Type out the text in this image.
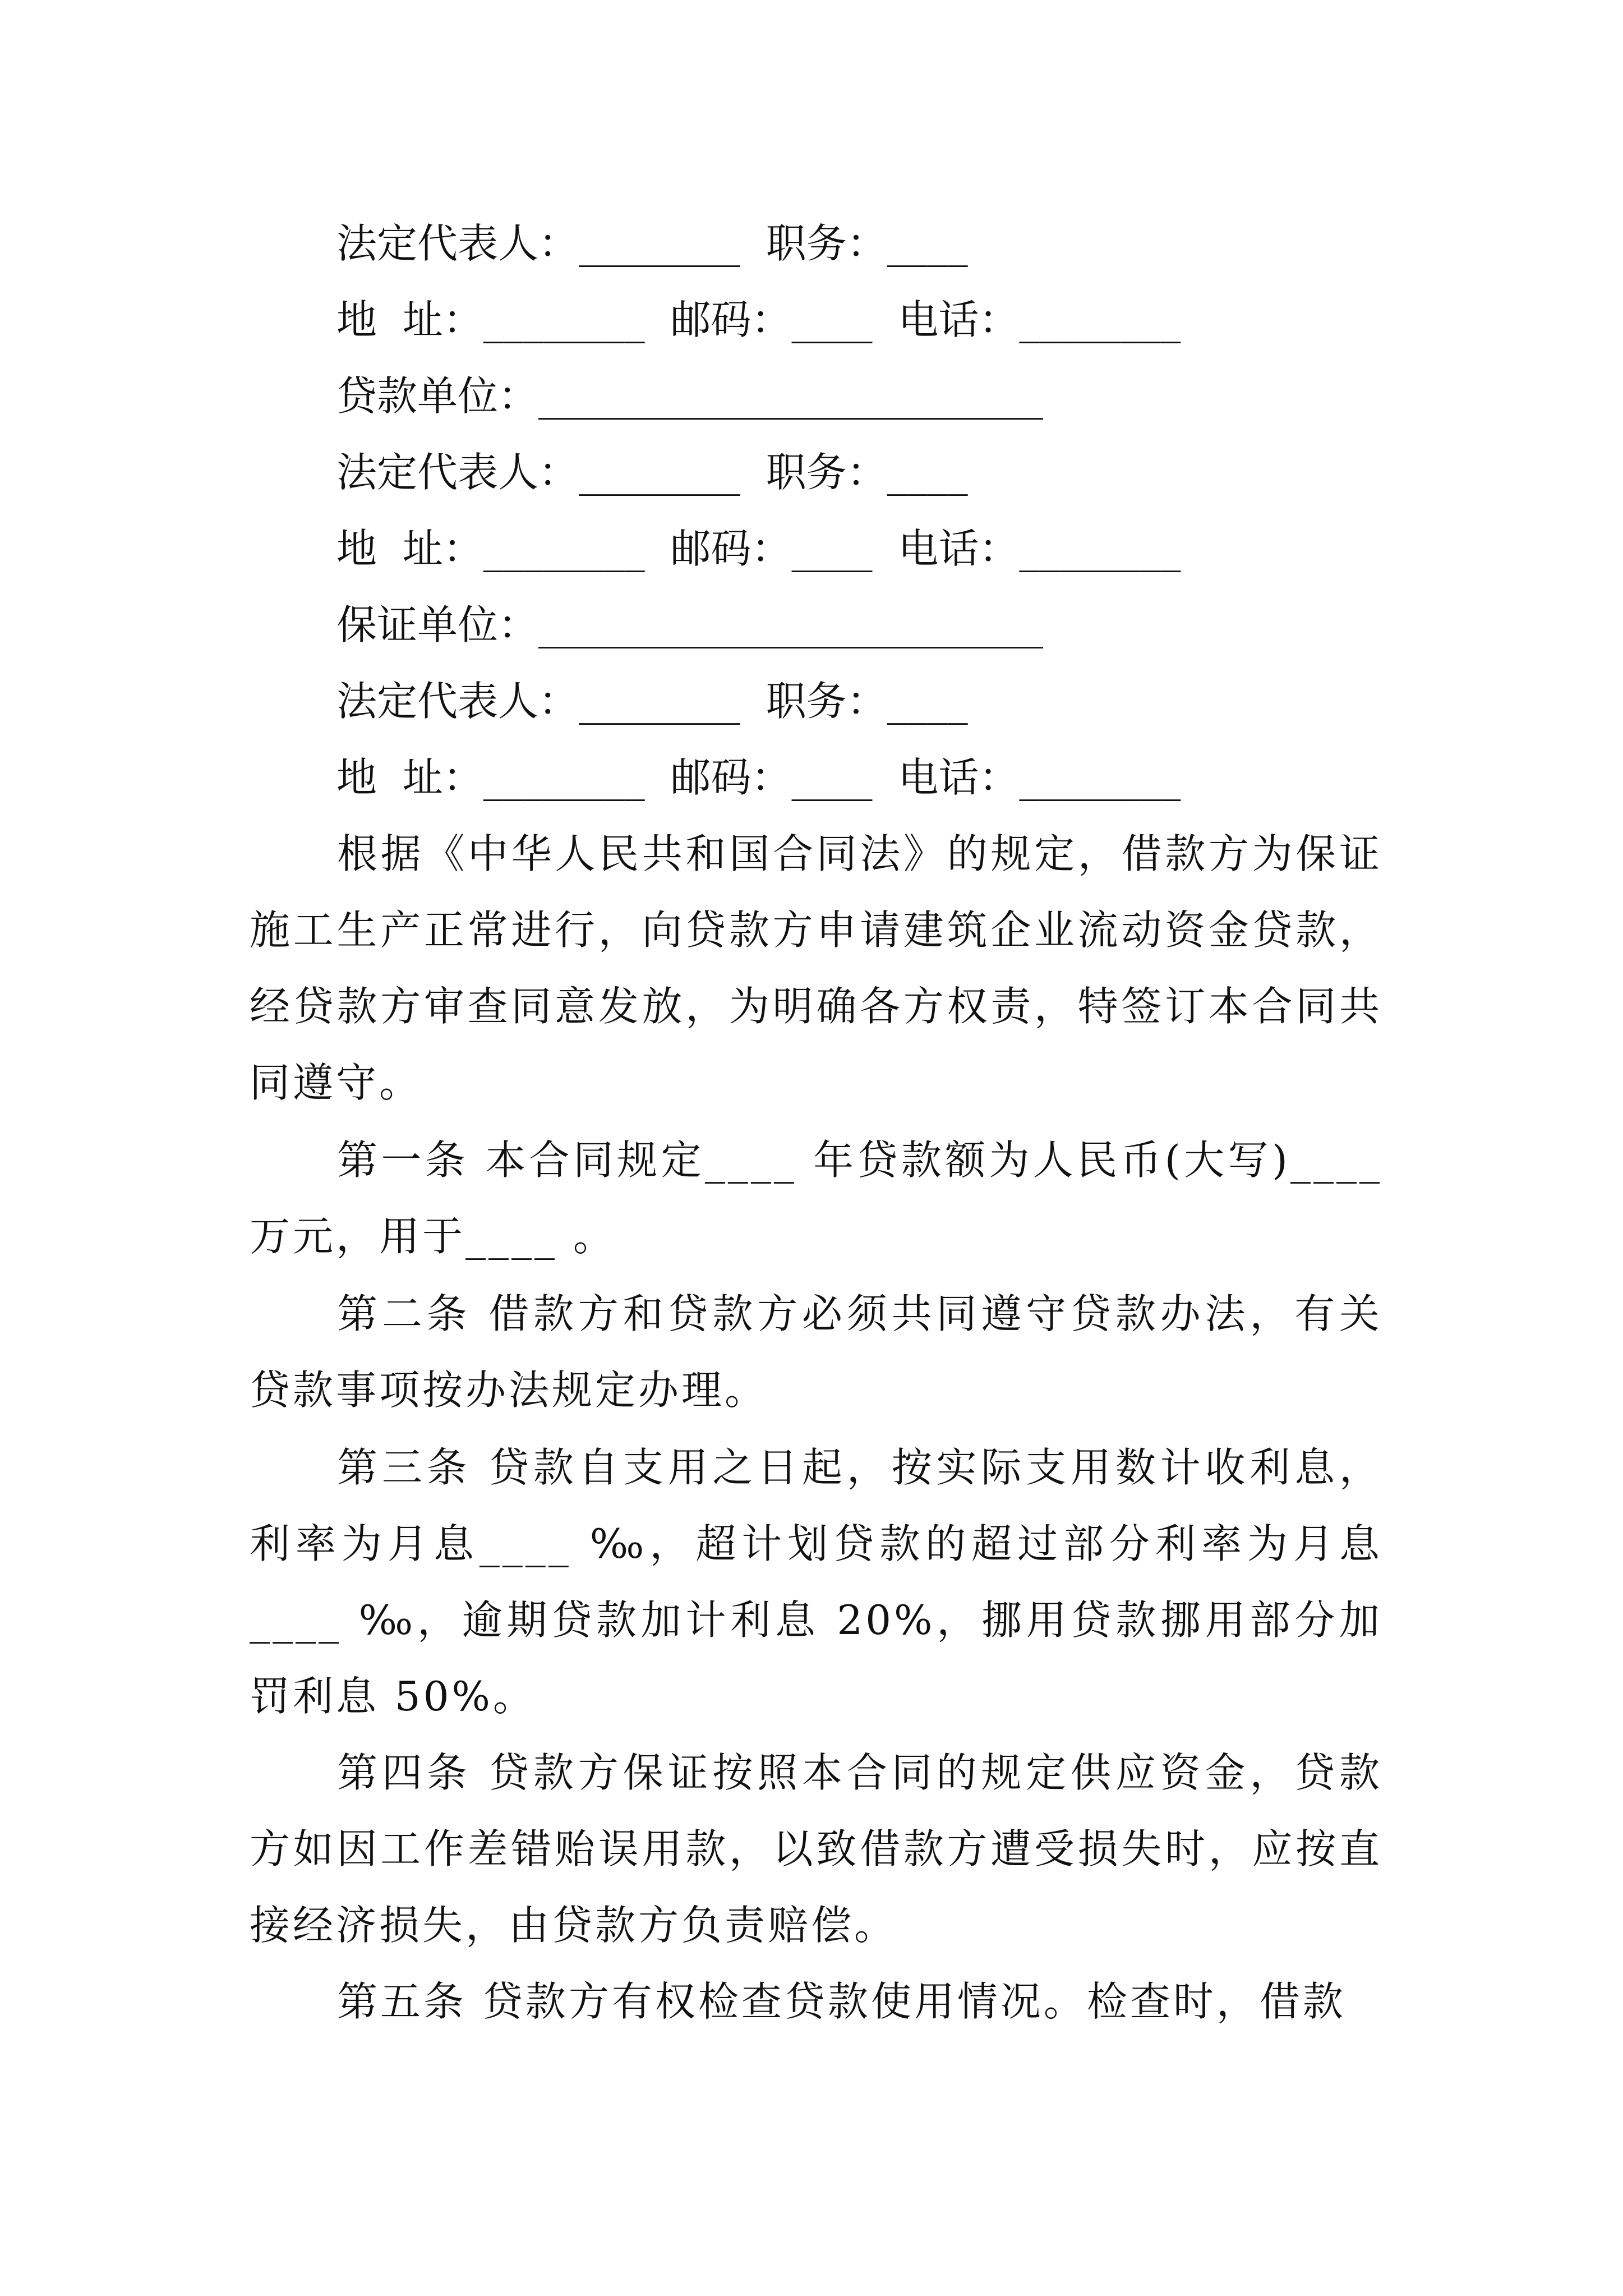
法定代表人：________  职务：____
地  址：________  邮码：____  电话：________
贷款单位：_________________________
法定代表人：________  职务：____
地  址：________  邮码：____  电话：________
保证单位：_________________________
法定代表人：________  职务：____
地  址：________  邮码：____  电话：________

根据《中华人民共和国合同法》的规定，借款方为保证施工生产正常进行，向贷款方申请建筑企业流动资金贷款，经贷款方审查同意发放，为明确各方权责，特签订本合同共同遵守。

第一条 本合同规定____ 年贷款额为人民币(大写)____万元，用于____ 。

第二条 借款方和贷款方必须共同遵守贷款办法，有关贷款事项按办法规定办理。

第三条 贷款自支用之日起，按实际支用数计收利息，利率为月息____ ‰，超计划贷款的超过部分利率为月息____ ‰，逾期贷款加计利息 20%，挪用贷款挪用部分加罚利息 50%。

第四条 贷款方保证按照本合同的规定供应资金，贷款方如因工作差错贻误用款，以致借款方遭受损失时，应按直接经济损失，由贷款方负责赔偿。

第五条 贷款方有权检查贷款使用情况。检查时，借款
